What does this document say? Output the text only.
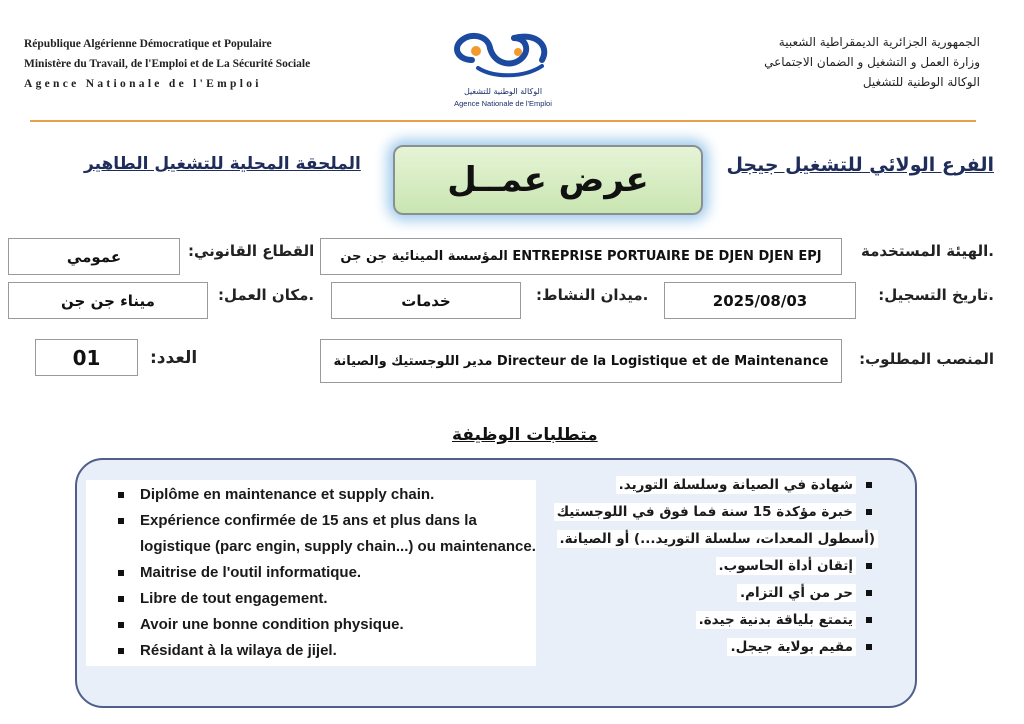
République Algérienne Démocratique et Populaire
Ministère du Travail, de l'Emploi et de La Sécurité Sociale
Agence Nationale de l'Emploi
الوكالة الوطنية للتشغيل
Agence Nationale de l'Emploi
الجمهورية الجزائرية الديمقراطية الشعبية
وزارة العمل و التشغيل و الضمان الاجتماعي
الوكالة الوطنية للتشغيل
الفرع الولائي للتشغيل جيجل
الملحقة المحلية للتشغيل الطاهير	عرض عمــل
.الهيئة المستخدمة
المؤسسة المينائية جن جن ENTREPRISE PORTUAIRE DE DJEN DJEN EPJ
القطاع القانوني:
عمومي
.تاريخ التسجيل:
2025/08/03
.ميدان النشاط:
خدمات
.مكان العمل:
ميناء جن جن
المنصب المطلوب:
مدير اللوجستيك والصيانة Directeur de la Logistique et de Maintenance
العدد:
01
متطلبات الوظيفة
Diplôme en maintenance et supply chain.
Expérience confirmée de 15 ans et plus dans la logistique (parc engin, supply chain...) ou maintenance.
Maitrise de l'outil informatique.
Libre de tout engagement.
Avoir une bonne condition physique.
Résidant à la wilaya de jijel.
شهادة في الصيانة وسلسلة التوريد.
خبرة مؤكدة 15 سنة فما فوق في اللوجستيك
(أسطول المعدات، سلسلة التوريد...) أو الصيانة.
إتقان أداة الحاسوب.
حر من أي التزام.
يتمتع بلياقة بدنية جيدة.
مقيم بولاية جيجل.
